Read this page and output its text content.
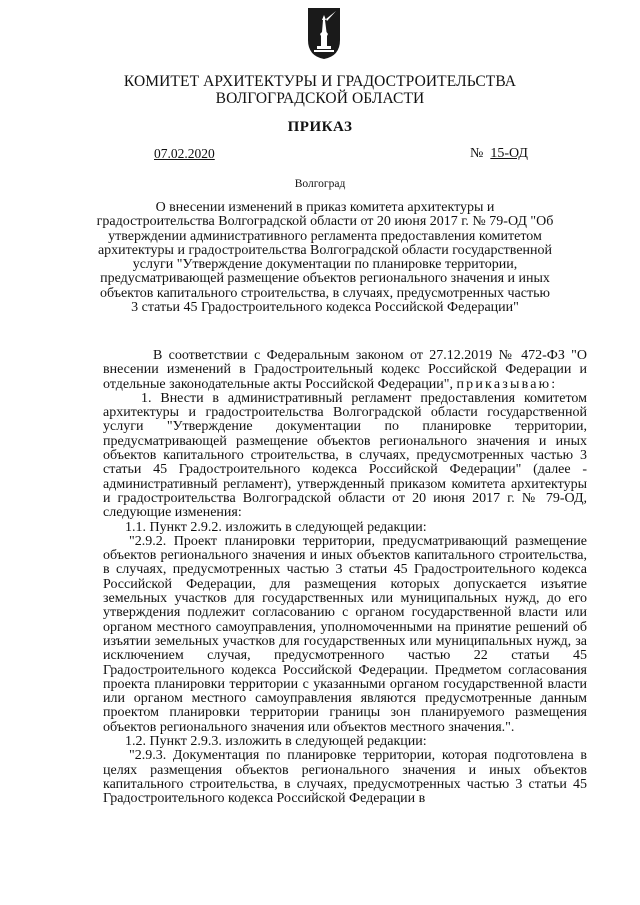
КОМИТЕТ АРХИТЕКТУРЫ И ГРАДОСТРОИТЕЛЬСТВА
ВОЛГОГРАДСКОЙ ОБЛАСТИ
ПРИКАЗ
07.02.2020	№ 15-ОД
Волгоград
О внесении изменений в приказ комитета архитектуры и градостроительства Волгоградской области от 20 июня 2017 г. № 79-ОД "Об утверждении административного регламента предоставления комитетом архитектуры и градостроительства Волгоградской области государственной услуги "Утверждение документации по планировке территории, предусматривающей размещение объектов регионального значения и иных объектов капитального строительства, в случаях, предусмотренных частью 3 статьи 45 Градостроительного кодекса Российской Федерации"

В соответствии с Федеральным законом от 27.12.2019 № 472-ФЗ "О внесении изменений в Градостроительный кодекс Российской Федерации и отдельные законодательные акты Российской Федерации", приказываю:

1. Внести в административный регламент предоставления комитетом архитектуры и градостроительства Волгоградской области государственной услуги "Утверждение документации по планировке территории, предусматривающей размещение объектов регионального значения и иных объектов капитального строительства, в случаях, предусмотренных частью 3 статьи 45 Градостроительного кодекса Российской Федерации" (далее - административный регламент), утвержденный приказом комитета архитектуры и градостроительства Волгоградской области от 20 июня 2017 г. № 79-ОД, следующие изменения:

1.1. Пункт 2.9.2. изложить в следующей редакции:

"2.9.2. Проект планировки территории, предусматривающий размещение объектов регионального значения и иных объектов капитального строительства, в случаях, предусмотренных частью 3 статьи 45 Градостроительного кодекса Российской Федерации, для размещения которых допускается изъятие земельных участков для государственных или муниципальных нужд, до его утверждения подлежит согласованию с органом государственной власти или органом местного самоуправления, уполномоченными на принятие решений об изъятии земельных участков для государственных или муниципальных нужд, за исключением случая, предусмотренного частью 22 статьи 45 Градостроительного кодекса Российской Федерации. Предметом согласования проекта планировки территории с указанными органом государственной власти или органом местного самоуправления являются предусмотренные данным проектом планировки территории границы зон планируемого размещения объектов регионального значения или объектов местного значения.".

1.2. Пункт 2.9.3. изложить в следующей редакции:

"2.9.3. Документация по планировке территории, которая подготовлена в целях размещения объектов регионального значения и иных объектов капитального строительства, в случаях, предусмотренных частью 3 статьи 45 Градостроительного кодекса Российской Федерации в
